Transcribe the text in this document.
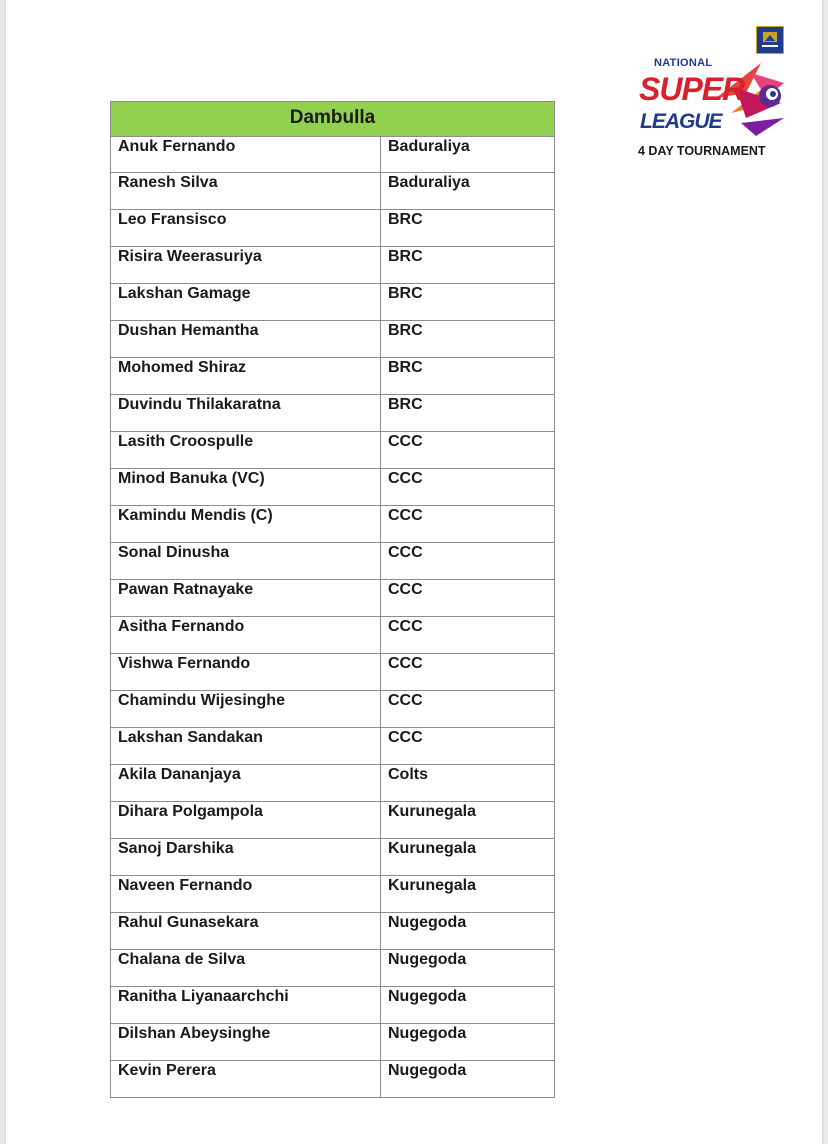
Dambulla	
Anuk Fernando	Baduraliya
Ranesh Silva	Baduraliya
Leo Fransisco	BRC
Risira Weerasuriya	BRC
Lakshan Gamage	BRC
Dushan Hemantha	BRC
Mohomed Shiraz	BRC
Duvindu Thilakaratna	BRC
Lasith Croospulle	CCC
Minod Banuka (VC)	CCC
Kamindu Mendis (C)	CCC
Sonal Dinusha	CCC
Pawan Ratnayake	CCC
Asitha Fernando	CCC
Vishwa Fernando	CCC
Chamindu Wijesinghe	CCC
Lakshan Sandakan	CCC
Akila Dananjaya	Colts
Dihara Polgampola	Kurunegala
Sanoj Darshika	Kurunegala
Naveen Fernando	Kurunegala
Rahul Gunasekara	Nugegoda
Chalana de Silva	Nugegoda
Ranitha Liyanaarchchi	Nugegoda
Dilshan Abeysinghe	Nugegoda
Kevin Perera	Nugegoda
NATIONAL
SUPER
LEAGUE
4 DAY TOURNAMENT
